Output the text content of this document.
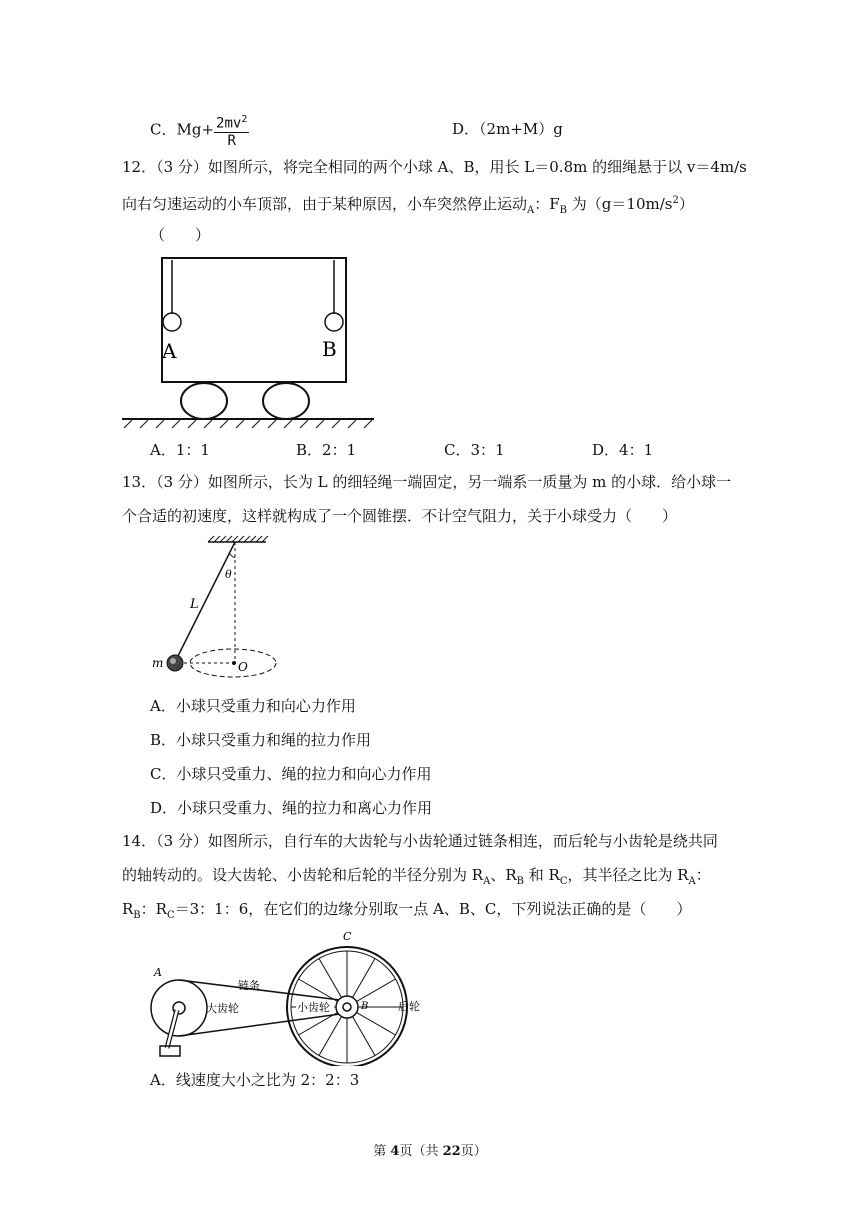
C．$Mg+ \frac{2mv^2}{R}$	D．（2m+M）g
12．（3 分）如图所示，将完全相同的两个小球 A、B，用长 L＝0.8m 的细绳悬于以 v＝4m/s
向右匀速运动的小车顶部，由于某种原因，小车突然停止运动$_A$：$F_B$ 为$(g=10m/s^2)$
（　　）
A	B
A．1：1	B．2：1	C．3：1	D．4：1
13．（3 分）如图所示，长为 L 的细轻绳一端固定，另一端系一质量为 m 的小球．给小球一
个合适的初速度，这样就构成了一个圆锥摆．不计空气阻力，关于小球受力（　　）
θ
L
m	O
A．小球只受重力和向心力作用
B．小球只受重力和绳的拉力作用
C．小球只受重力、绳的拉力和向心力作用
D．小球只受重力、绳的拉力和离心力作用
14．（3 分）如图所示，自行车的大齿轮与小齿轮通过链条相连，而后轮与小齿轮是绕共同
的轴转动的。设大齿轮、小齿轮和后轮的半径分别为 $R_A$、$R_B$ 和 $R_C$，其半径之比为 $R_A$：
$R_B$：$R_C=3$：1：6，在它们的边缘分别取一点 A、B、C，下列说法正确的是（　　）
A
链条
大齿轮	小齿轮	B	后轮
C
A．线速度大小之比为 2：2：3
第 4页（共 22页）
